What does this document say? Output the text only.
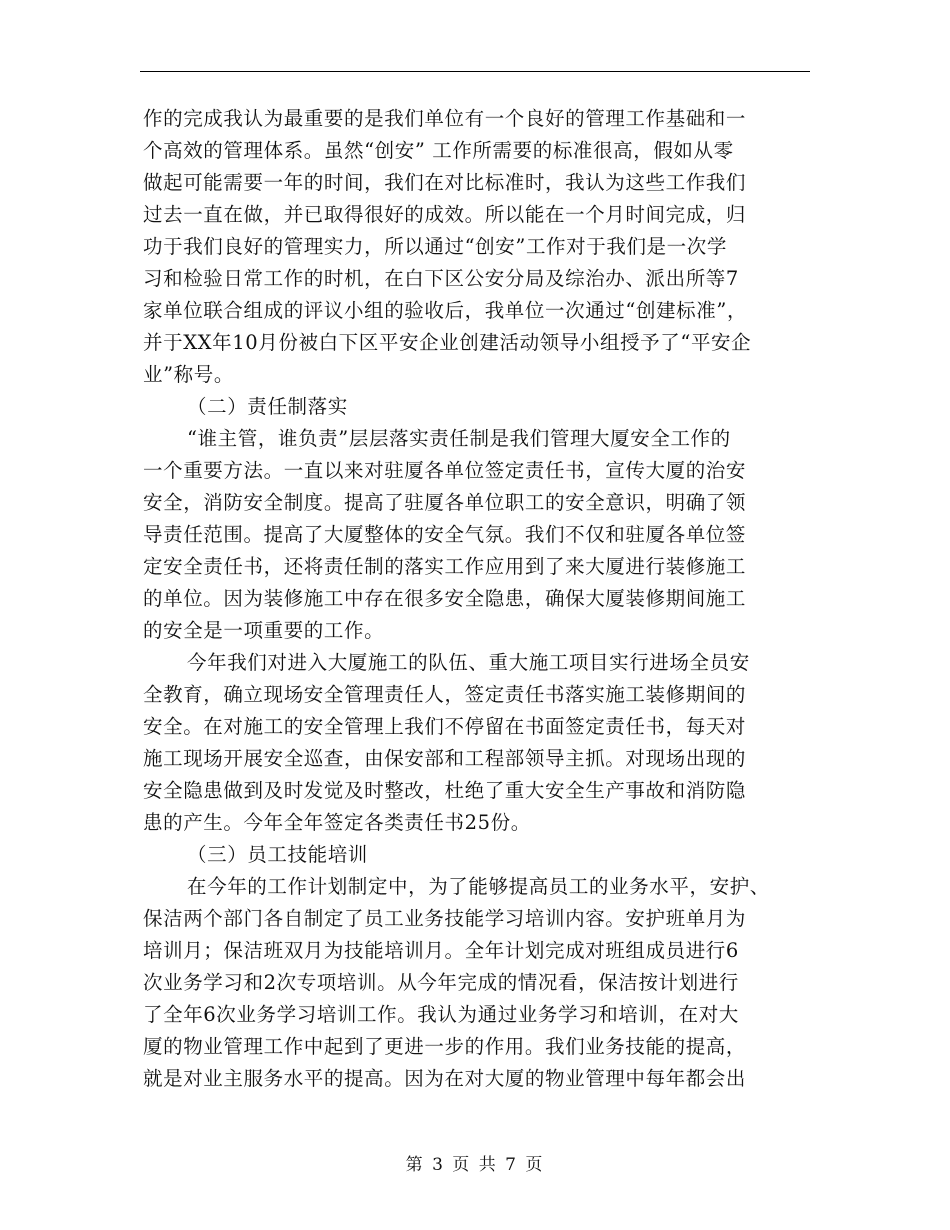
作的完成我认为最重要的是我们单位有一个良好的管理工作基础和一
个高效的管理体系。虽然“创安” 工作所需要的标准很高，假如从零
做起可能需要一年的时间，我们在对比标准时，我认为这些工作我们
过去一直在做，并已取得很好的成效。所以能在一个月时间完成，归
功于我们良好的管理实力，所以通过“创安”工作对于我们是一次学
习和检验日常工作的时机，在白下区公安分局及综治办、派出所等7
家单位联合组成的评议小组的验收后，我单位一次通过“创建标准”，
并于XX年10月份被白下区平安企业创建活动领导小组授予了“平安企
业”称号。
（二）责任制落实
“谁主管，谁负责”层层落实责任制是我们管理大厦安全工作的
一个重要方法。一直以来对驻厦各单位签定责任书，宣传大厦的治安
安全，消防安全制度。提高了驻厦各单位职工的安全意识，明确了领
导责任范围。提高了大厦整体的安全气氛。我们不仅和驻厦各单位签
定安全责任书，还将责任制的落实工作应用到了来大厦进行装修施工
的单位。因为装修施工中存在很多安全隐患，确保大厦装修期间施工
的安全是一项重要的工作。
今年我们对进入大厦施工的队伍、重大施工项目实行进场全员安
全教育，确立现场安全管理责任人，签定责任书落实施工装修期间的
安全。在对施工的安全管理上我们不停留在书面签定责任书，每天对
施工现场开展安全巡查，由保安部和工程部领导主抓。对现场出现的
安全隐患做到及时发觉及时整改，杜绝了重大安全生产事故和消防隐
患的产生。今年全年签定各类责任书25份。
（三）员工技能培训
在今年的工作计划制定中，为了能够提高员工的业务水平，安护、
保洁两个部门各自制定了员工业务技能学习培训内容。安护班单月为
培训月；保洁班双月为技能培训月。全年计划完成对班组成员进行6
次业务学习和2次专项培训。从今年完成的情况看，保洁按计划进行
了全年6次业务学习培训工作。我认为通过业务学习和培训，在对大
厦的物业管理工作中起到了更进一步的作用。我们业务技能的提高，
就是对业主服务水平的提高。因为在对大厦的物业管理中每年都会出
第 3 页 共 7 页
